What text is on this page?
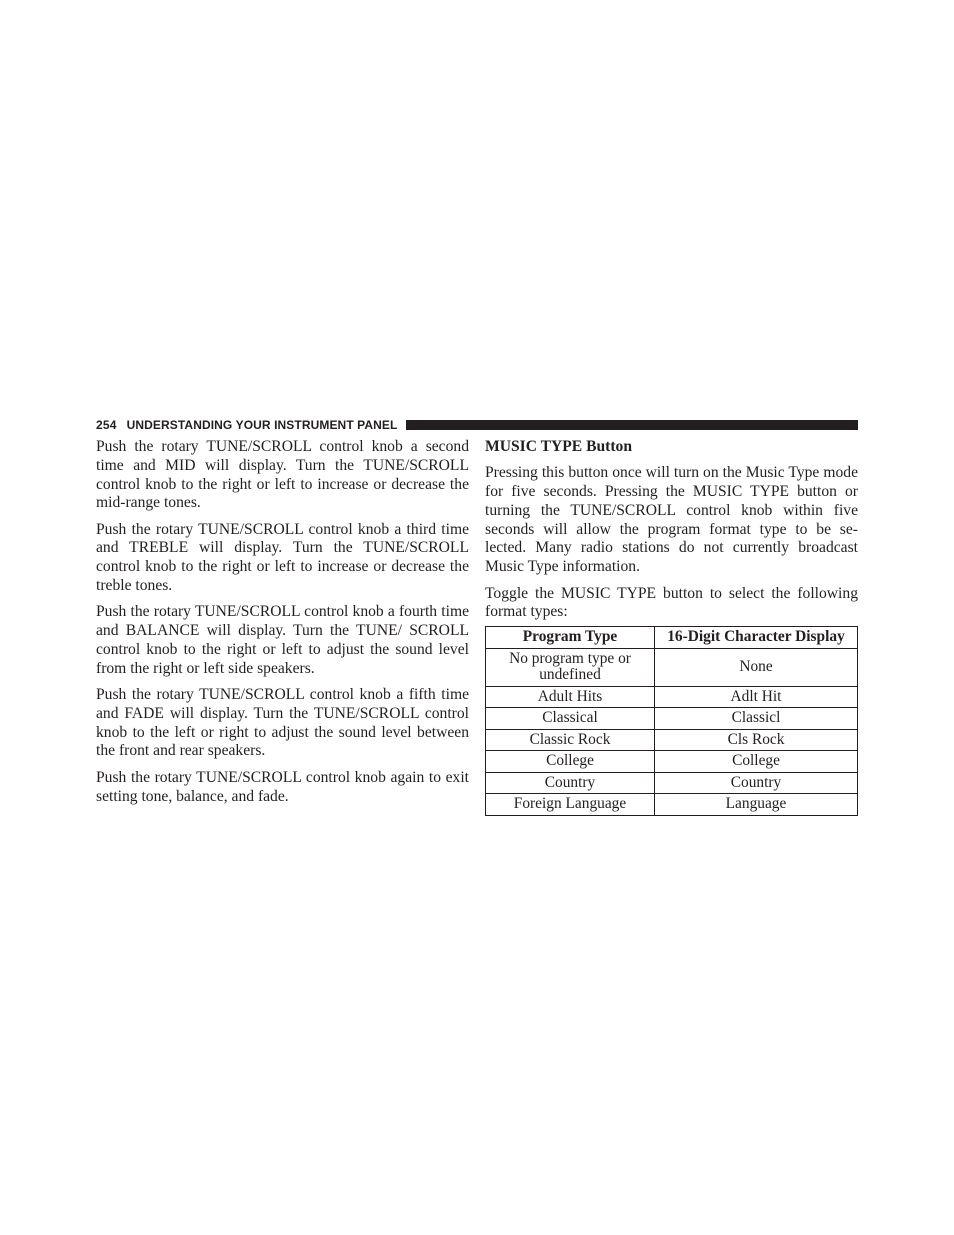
254 UNDERSTANDING YOUR INSTRUMENT PANEL

Push the rotary TUNE/SCROLL control knob a second time and MID will display. Turn the TUNE/SCROLL control knob to the right or left to increase or decrease the mid-range tones.

Push the rotary TUNE/SCROLL control knob a third time and TREBLE will display. Turn the TUNE/SCROLL control knob to the right or left to increase or decrease the treble tones.

Push the rotary TUNE/SCROLL control knob a fourth time and BALANCE will display. Turn the TUNE/ SCROLL control knob to the right or left to adjust the sound level from the right or left side speakers.

Push the rotary TUNE/SCROLL control knob a fifth time and FADE will display. Turn the TUNE/SCROLL control knob to the left or right to adjust the sound level between the front and rear speakers.

Push the rotary TUNE/SCROLL control knob again to exit setting tone, balance, and fade.

MUSIC TYPE Button

Pressing this button once will turn on the Music Type mode for five seconds. Pressing the MUSIC TYPE button or turning the TUNE/SCROLL control knob within five seconds will allow the program format type to be se- lected. Many radio stations do not currently broadcast Music Type information.

Toggle the MUSIC TYPE button to select the following format types:

Program Type	16-Digit Character Display
No program type or undefined	None
Adult Hits	Adlt Hit
Classical	Classicl
Classic Rock	Cls Rock
College	College
Country	Country
Foreign Language	Language
